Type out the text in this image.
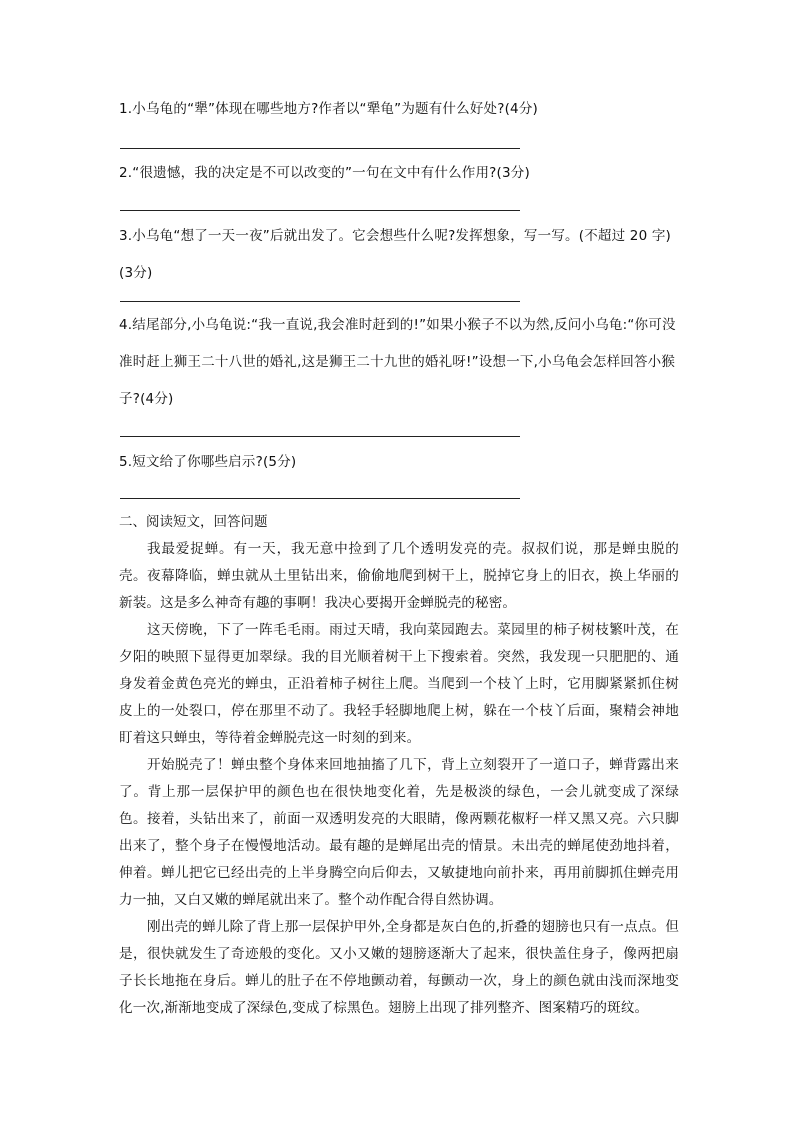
1.小乌龟的“犟”体现在哪些地方?作者以“犟龟”为题有什么好处?(4分)
2.“很遗憾，我的决定是不可以改变的”一句在文中有什么作用?(3分)
3.小乌龟“想了一天一夜”后就出发了。它会想些什么呢?发挥想象，写一写。(不超过 20 字)(3分)
4.结尾部分,小乌龟说:“我一直说,我会准时赶到的!”如果小猴子不以为然,反问小乌龟:“你可没准时赶上狮王二十八世的婚礼,这是狮王二十九世的婚礼呀!”设想一下,小乌龟会怎样回答小猴子?(4分)
5.短文给了你哪些启示?(5分)
二、阅读短文，回答问题

我最爱捉蝉。有一天，我无意中捡到了几个透明发亮的壳。叔叔们说，那是蝉虫脱的壳。夜幕降临，蝉虫就从土里钻出来，偷偷地爬到树干上，脱掉它身上的旧衣，换上华丽的新装。这是多么神奇有趣的事啊！我决心要揭开金蝉脱壳的秘密。

这天傍晚，下了一阵毛毛雨。雨过天晴，我向菜园跑去。菜园里的柿子树枝繁叶茂，在夕阳的映照下显得更加翠绿。我的目光顺着树干上下搜索着。突然，我发现一只肥肥的、通身发着金黄色亮光的蝉虫，正沿着柿子树往上爬。当爬到一个枝丫上时，它用脚紧紧抓住树皮上的一处裂口，停在那里不动了。我轻手轻脚地爬上树，躲在一个枝丫后面，聚精会神地盯着这只蝉虫，等待着金蝉脱壳这一时刻的到来。

开始脱壳了！蝉虫整个身体来回地抽搐了几下，背上立刻裂开了一道口子，蝉背露出来了。背上那一层保护甲的颜色也在很快地变化着，先是极淡的绿色，一会儿就变成了深绿色。接着，头钻出来了，前面一双透明发亮的大眼睛，像两颗花椒籽一样又黑又亮。六只脚出来了，整个身子在慢慢地活动。最有趣的是蝉尾出壳的情景。未出壳的蝉尾使劲地抖着，伸着。蝉儿把它已经出壳的上半身腾空向后仰去，又敏捷地向前扑来，再用前脚抓住蝉壳用力一抽，又白又嫩的蝉尾就出来了。整个动作配合得自然协调。

刚出壳的蝉儿除了背上那一层保护甲外,全身都是灰白色的,折叠的翅膀也只有一点点。但是，很快就发生了奇迹般的变化。又小又嫩的翅膀逐渐大了起来，很快盖住身子，像两把扇子长长地拖在身后。蝉儿的肚子在不停地颤动着，每颤动一次，身上的颜色就由浅而深地变化一次,渐渐地变成了深绿色,变成了棕黑色。翅膀上出现了排列整齐、图案精巧的斑纹。
